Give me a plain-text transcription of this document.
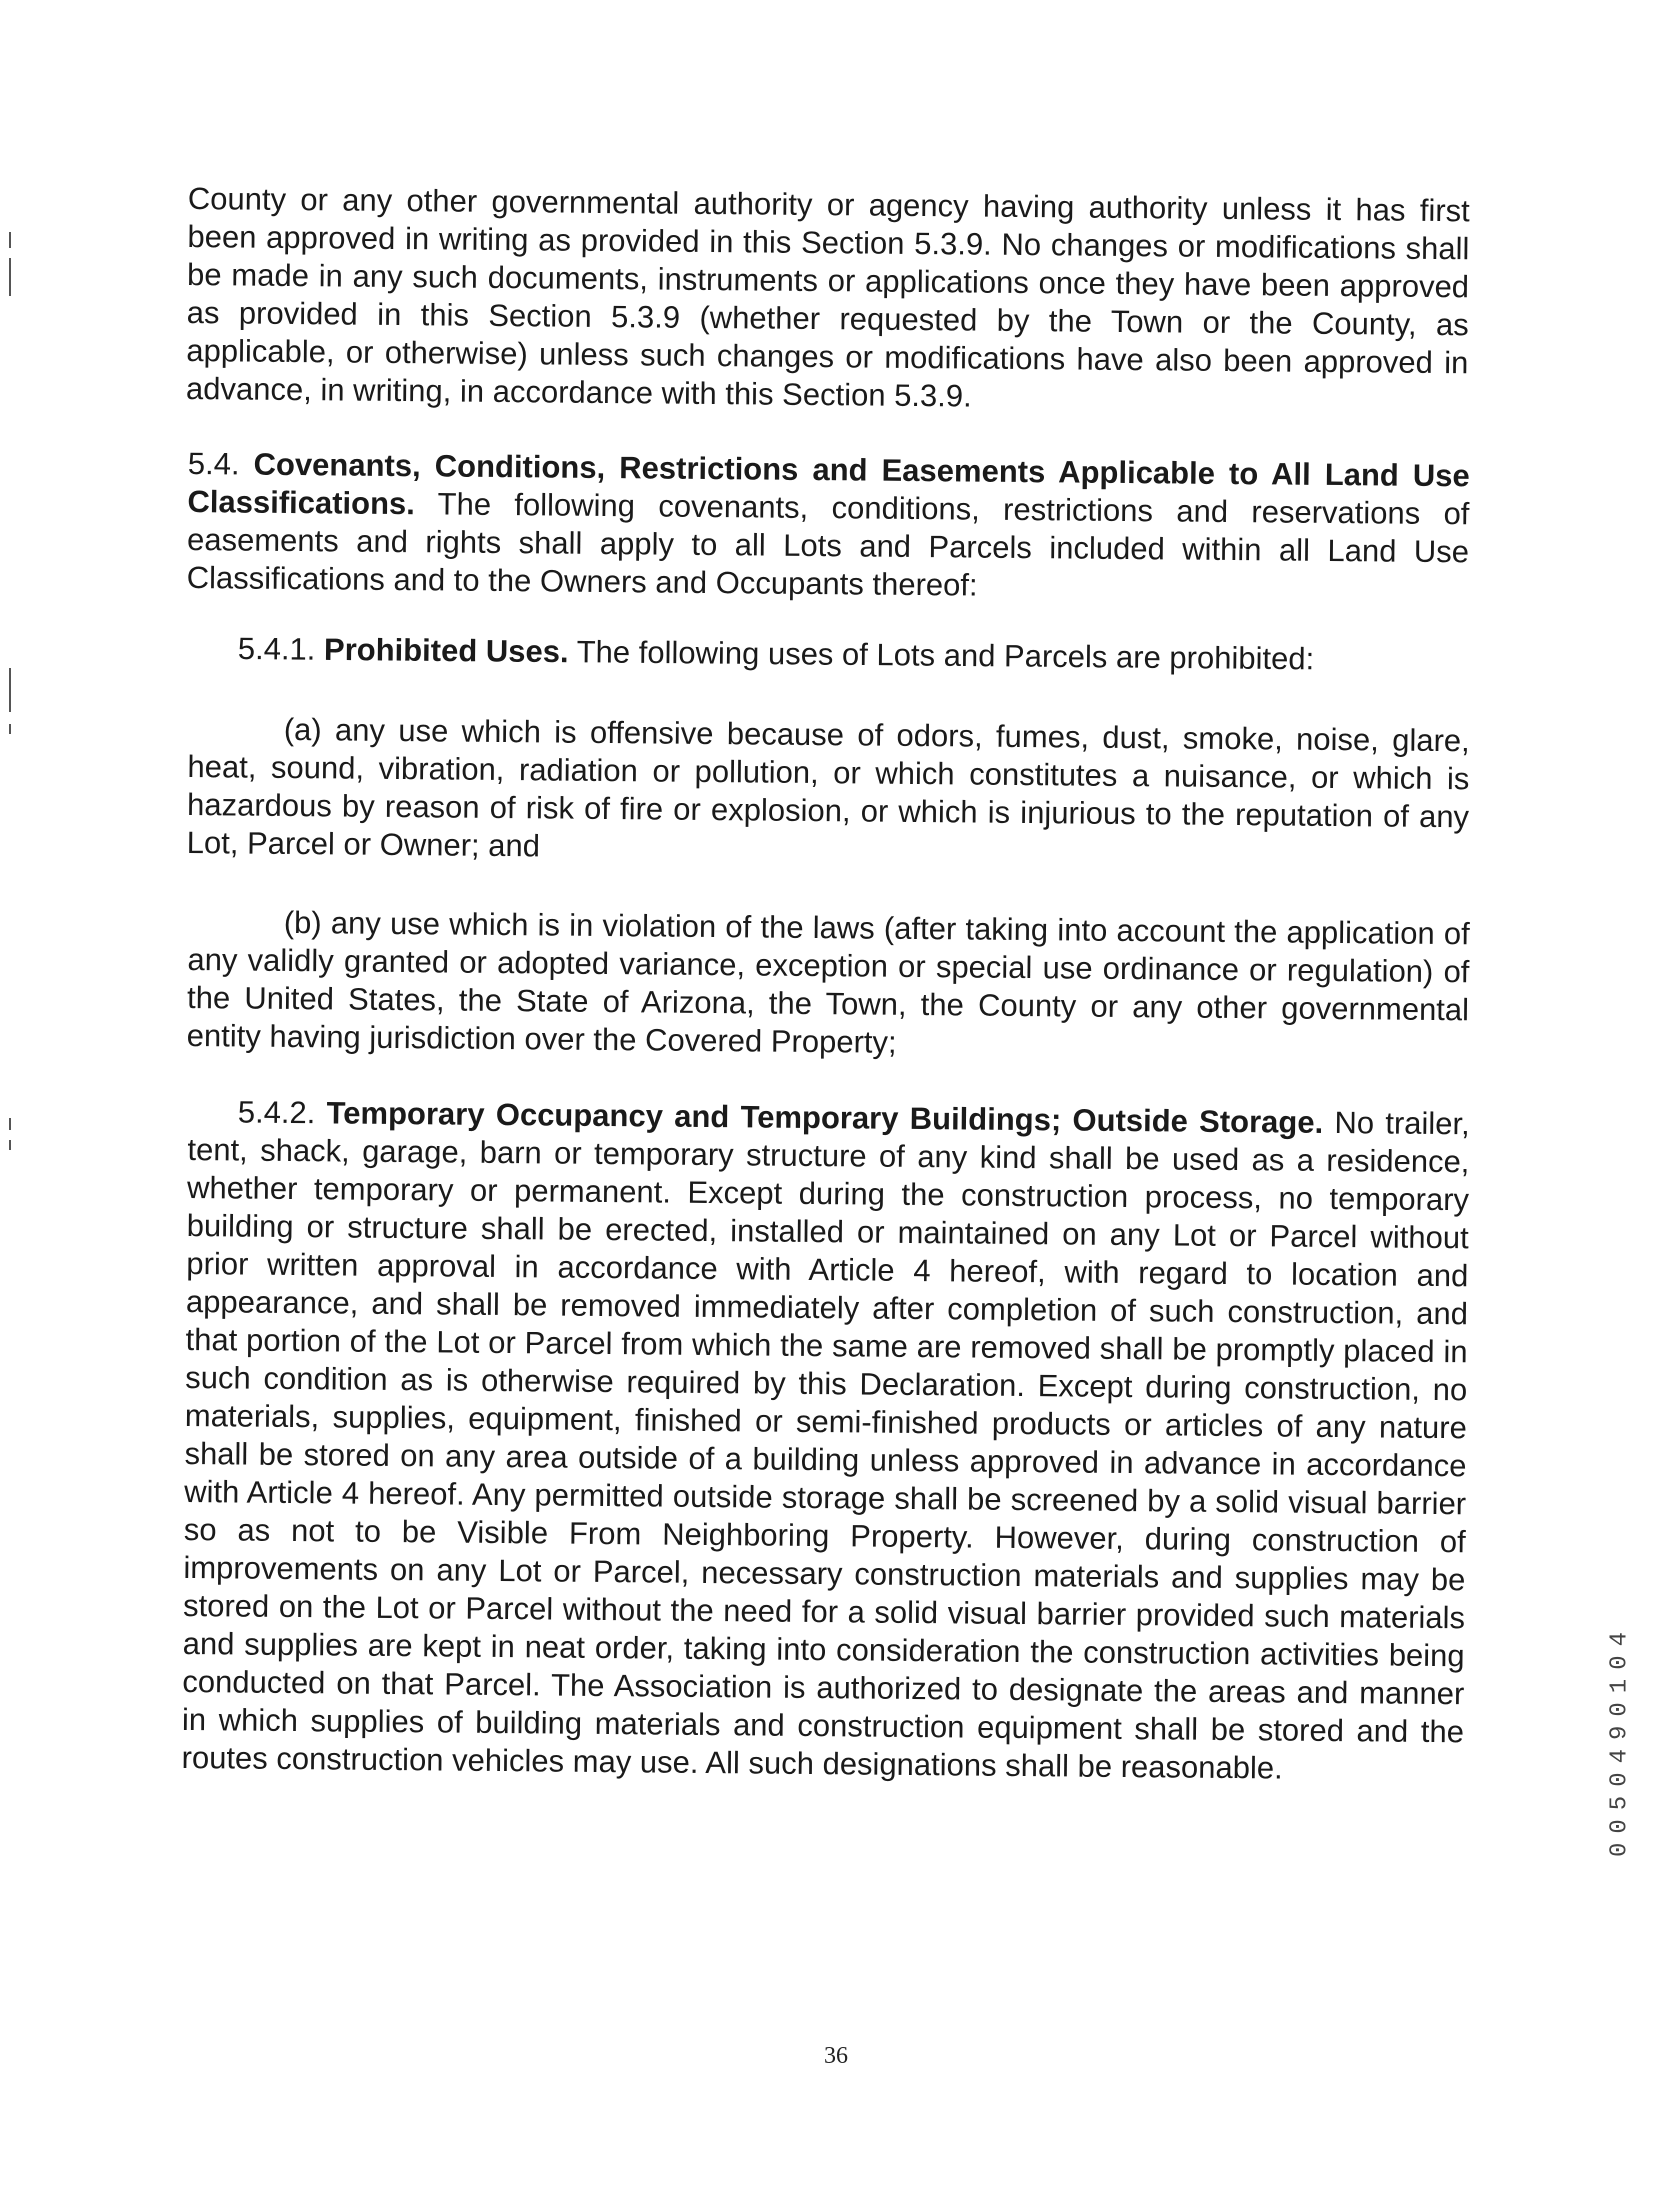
County or any other governmental authority or agency having authority unless it has first been approved in writing as provided in this Section 5.3.9. No changes or modifications shall be made in any such documents, instruments or applications once they have been approved as provided in this Section 5.3.9 (whether requested by the Town or the County, as applicable, or otherwise) unless such changes or modifications have also been approved in advance, in writing, in accordance with this Section 5.3.9.

5.4. Covenants, Conditions, Restrictions and Easements Applicable to All Land Use Classifications. The following covenants, conditions, restrictions and reservations of easements and rights shall apply to all Lots and Parcels included within all Land Use Classifications and to the Owners and Occupants thereof:

5.4.1. Prohibited Uses. The following uses of Lots and Parcels are prohibited:

(a) any use which is offensive because of odors, fumes, dust, smoke, noise, glare, heat, sound, vibration, radiation or pollution, or which constitutes a nuisance, or which is hazardous by reason of risk of fire or explosion, or which is injurious to the reputation of any Lot, Parcel or Owner; and

(b) any use which is in violation of the laws (after taking into account the application of any validly granted or adopted variance, exception or special use ordinance or regulation) of the United States, the State of Arizona, the Town, the County or any other governmental entity having jurisdiction over the Covered Property;

5.4.2. Temporary Occupancy and Temporary Buildings; Outside Storage. No trailer, tent, shack, garage, barn or temporary structure of any kind shall be used as a residence, whether temporary or permanent. Except during the construction process, no temporary building or structure shall be erected, installed or maintained on any Lot or Parcel without prior written approval in accordance with Article 4 hereof, with regard to location and appearance, and shall be removed immediately after completion of such construction, and that portion of the Lot or Parcel from which the same are removed shall be promptly placed in such condition as is otherwise required by this Declaration. Except during construction, no materials, supplies, equipment, finished or semi-finished products or articles of any nature shall be stored on any area outside of a building unless approved in advance in accordance with Article 4 hereof. Any permitted outside storage shall be screened by a solid visual barrier so as not to be Visible From Neighboring Property. However, during construction of improvements on any Lot or Parcel, necessary construction materials and supplies may be stored on the Lot or Parcel without the need for a solid visual barrier provided such materials and supplies are kept in neat order, taking into consideration the construction activities being conducted on that Parcel. The Association is authorized to designate the areas and manner in which supplies of building materials and construction equipment shall be stored and the routes construction vehicles may use. All such designations shall be reasonable.	0050490104
36
